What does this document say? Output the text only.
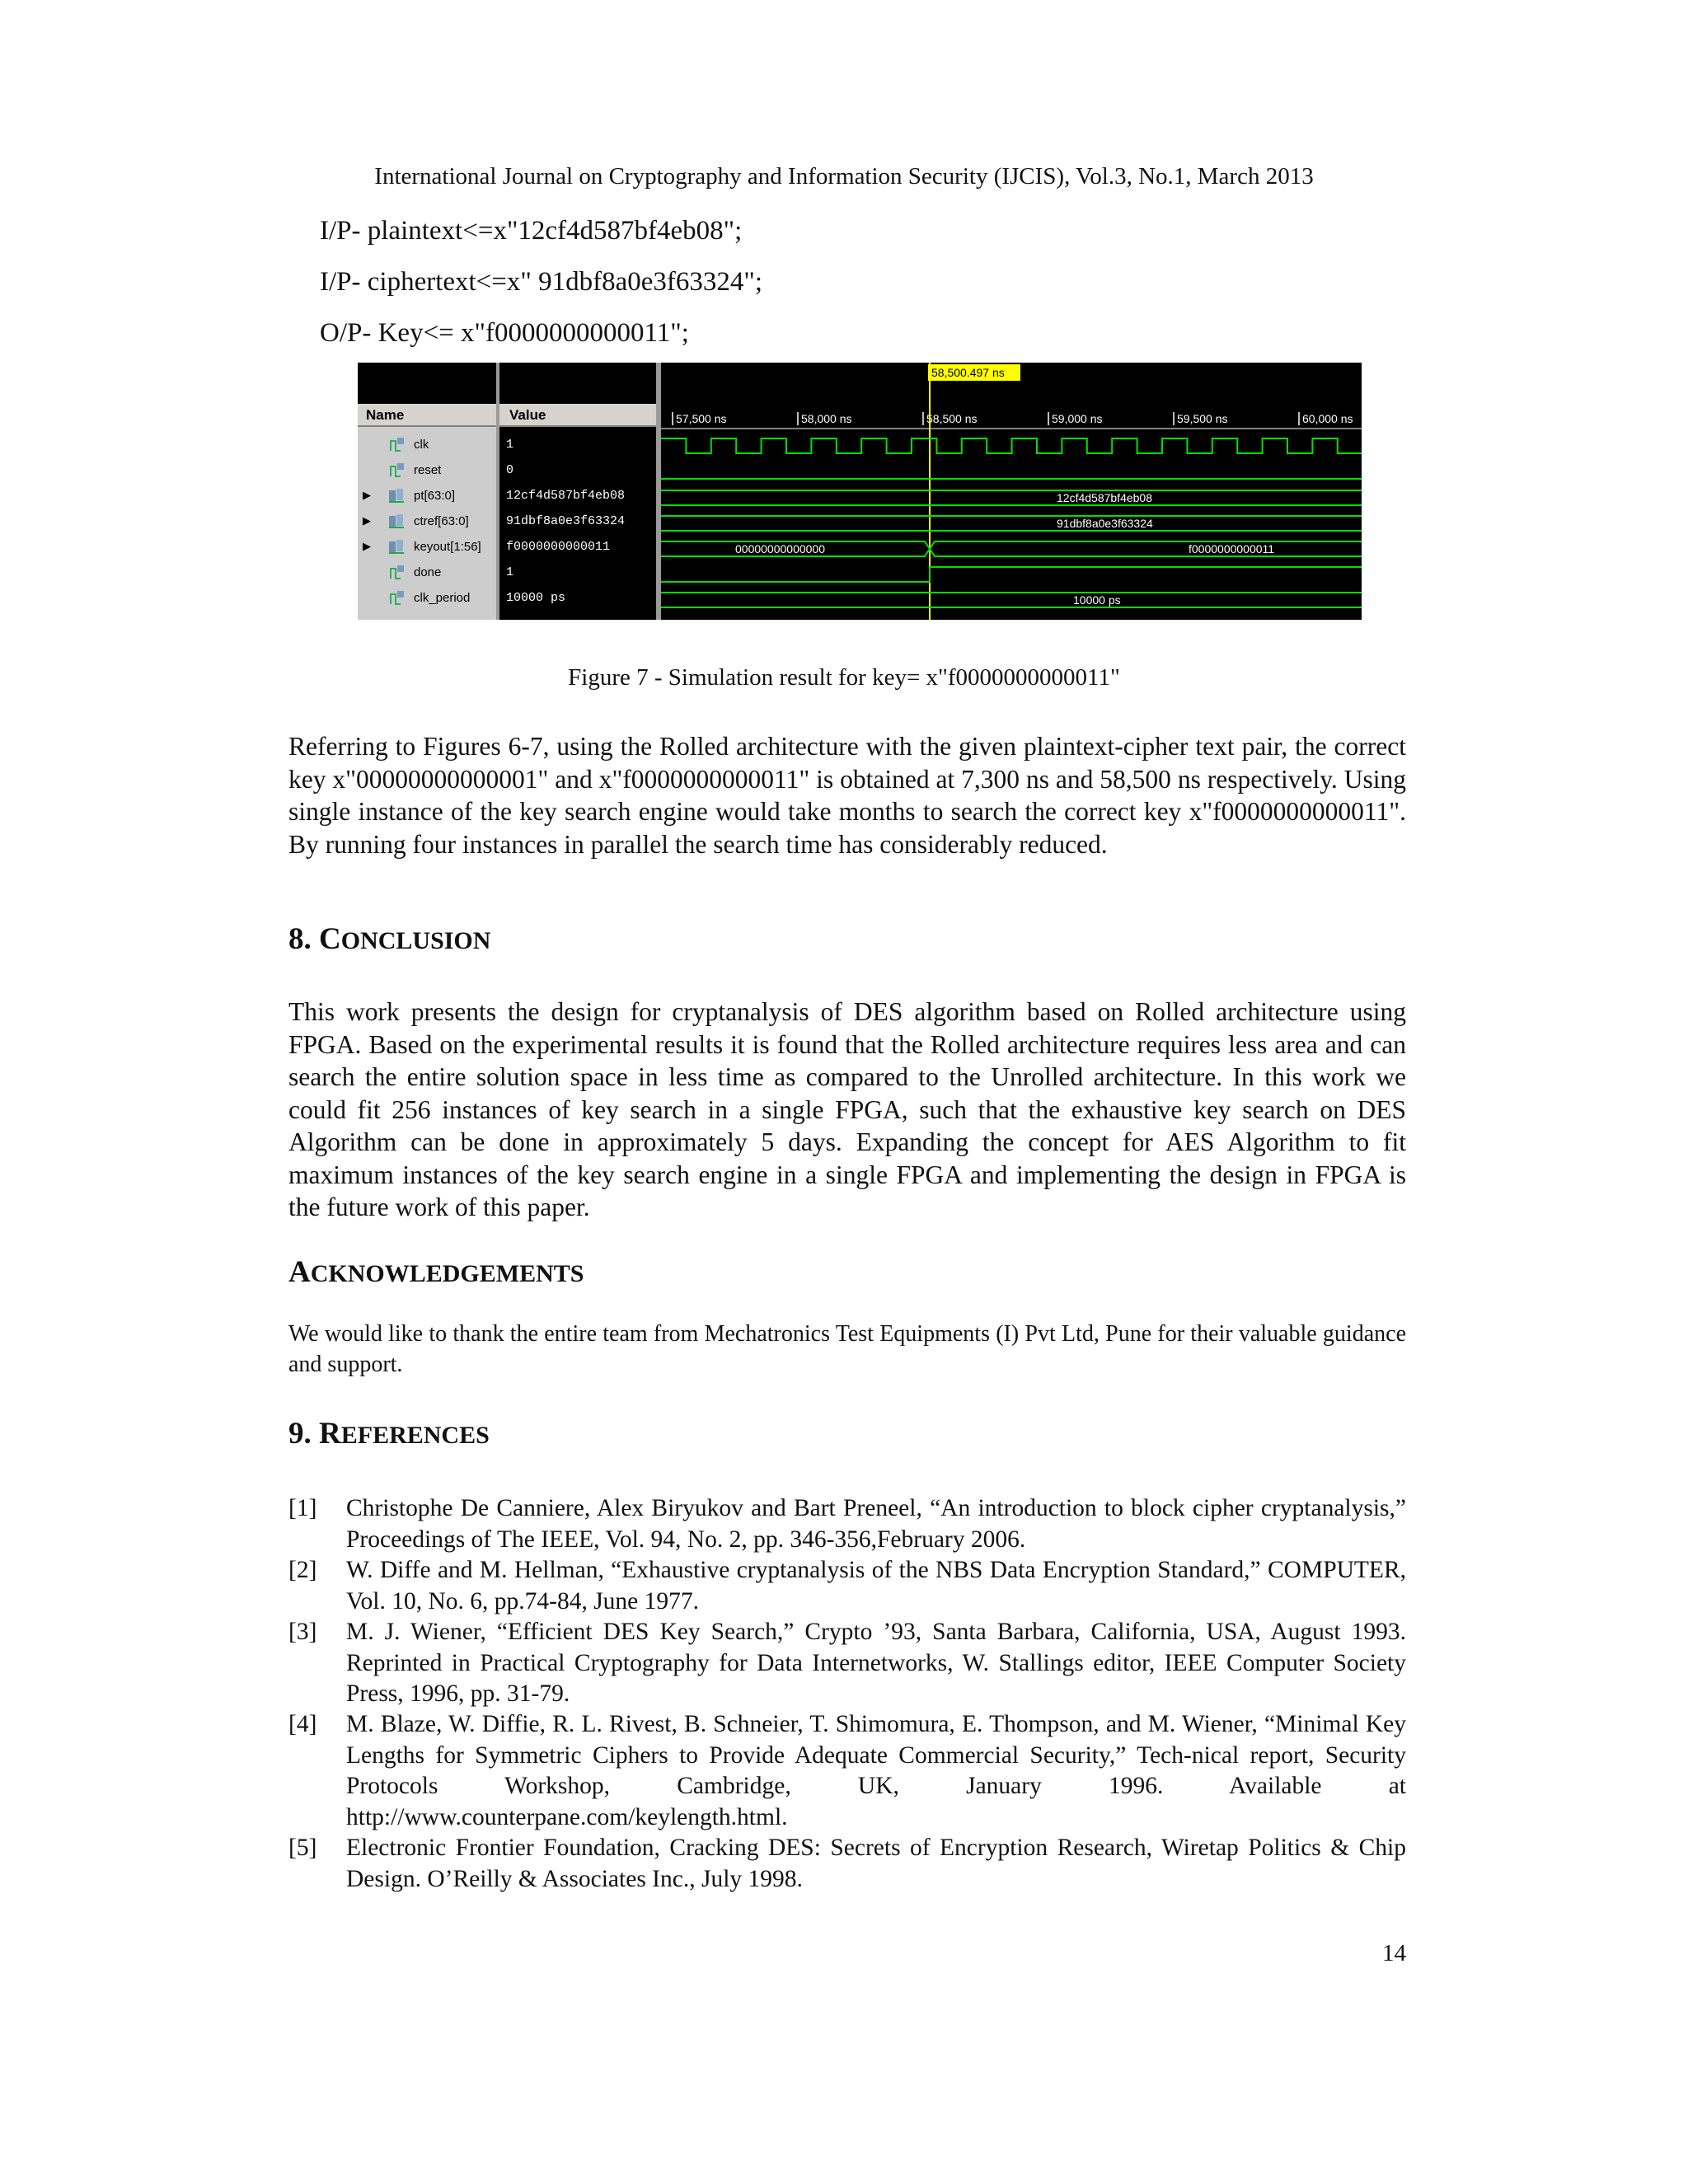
International Journal on Cryptography and Information Security (IJCIS), Vol.3, No.1, March 2013
I/P- plaintext<=x"12cf4d587bf4eb08";
I/P- ciphertext<=x" 91dbf8a0e3f63324";
O/P- Key<= x"f0000000000011";
Name	Value
clk	1
reset	0
▶	pt[63:0]	12cf4d587bf4eb08
▶	ctref[63:0]	91dbf8a0e3f63324
▶	keyout[1:56] f0000000000011
done	1
clk_period	10000 ps
57,500 ns	58,000 ns	58,500 ns	59,000 ns	59,500 ns	60,000 ns
58,500.497 ns
12cf4d587bf4eb08
91dbf8a0e3f63324
00000000000000	f0000000000011
10000 ps
Figure 7 - Simulation result for key= x"f0000000000011"

Referring to Figures 6-7, using the Rolled architecture with the given plaintext-cipher text pair, the correct key x"00000000000001" and x"f0000000000011" is obtained at 7,300 ns and 58,500 ns respectively. Using single instance of the key search engine would take months to search the correct key x"f0000000000011". By running four instances in parallel the search time has considerably reduced.

8. CONCLUSION

This work presents the design for cryptanalysis of DES algorithm based on Rolled architecture using FPGA. Based on the experimental results it is found that the Rolled architecture requires less area and can search the entire solution space in less time as compared to the Unrolled architecture. In this work we could fit 256 instances of key search in a single FPGA, such that the exhaustive key search on DES Algorithm can be done in approximately 5 days. Expanding the concept for AES Algorithm to fit maximum instances of the key search engine in a single FPGA and implementing the design in FPGA is the future work of this paper.

ACKNOWLEDGEMENTS

We would like to thank the entire team from Mechatronics Test Equipments (I) Pvt Ltd, Pune for their valuable guidance and support.

9. REFERENCES
[1] Christophe De Canniere, Alex Biryukov and Bart Preneel, “An introduction to block cipher cryptanalysis,” Proceedings of The IEEE, Vol. 94, No. 2, pp. 346-356,February 2006.
[2] W. Diffe and M. Hellman, “Exhaustive cryptanalysis of the NBS Data Encryption Standard,” COMPUTER, Vol. 10, No. 6, pp.74-84, June 1977.
[3] M. J. Wiener, “Efficient DES Key Search,” Crypto ’93, Santa Barbara, California, USA, August 1993. Reprinted in Practical Cryptography for Data Internetworks, W. Stallings editor, IEEE Computer Society Press, 1996, pp. 31-79.
[4] M. Blaze, W. Diffie, R. L. Rivest, B. Schneier, T. Shimomura, E. Thompson, and M. Wiener, “Minimal Key Lengths for Symmetric Ciphers to Provide Adequate Commercial Security,” Tech-nical report, Security Protocols Workshop, Cambridge, UK, January 1996. Available at http://www.counterpane.com/keylength.html.
[5] Electronic Frontier Foundation, Cracking DES: Secrets of Encryption Research, Wiretap Politics & Chip Design. O’Reilly & Associates Inc., July 1998.
14
